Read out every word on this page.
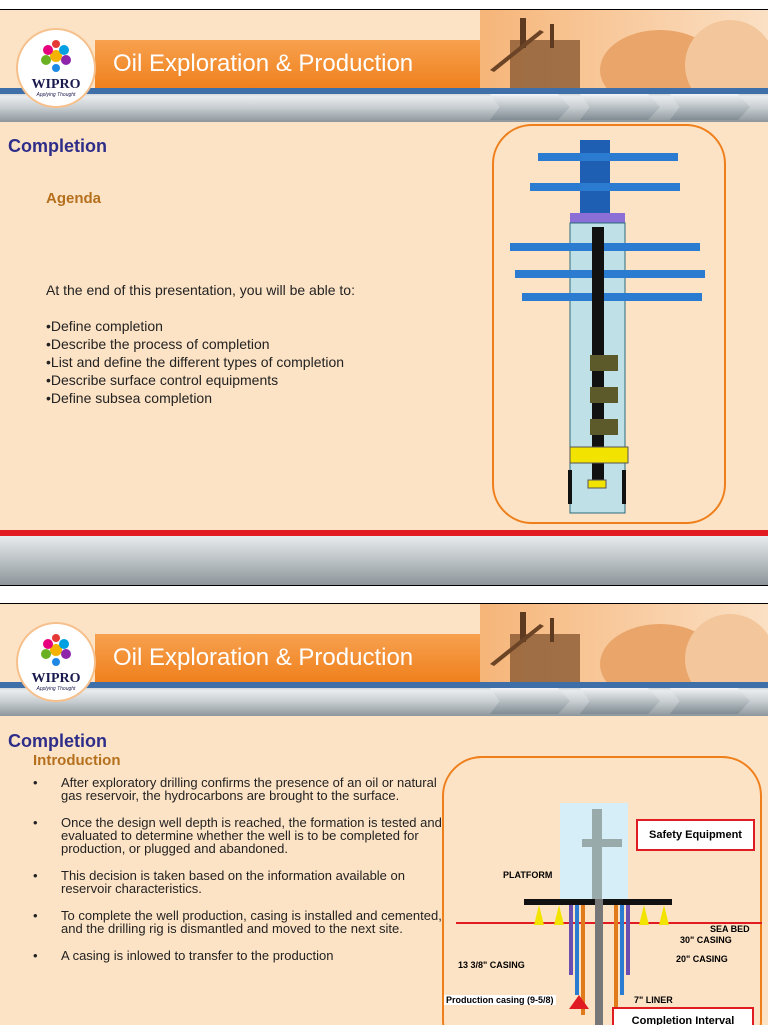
Oil Exploration & Production
WIPRO
Applying Thought
Completion
Agenda
At the end of this presentation, you will be able to:
•Define completion
•Describe the process of completion
•List and define the different types of completion
•Describe surface control equipments
•Define subsea completion
Oil Exploration & Production
WIPRO
Applying Thought
Completion
Introduction
• After exploratory drilling confirms the presence of an oil or natural gas reservoir, the hydrocarbons are brought to the surface.
• Once the design well depth is reached, the formation is tested and evaluated to determine whether the well is to be completed for production, or plugged and abandoned.
• This decision is taken based on the information available on reservoir characteristics.
• To complete the well production, casing is installed and cemented, and the drilling rig is dismantled and moved to the next site.
• A casing is inlowed to transfer to the production
Safety Equipment
PLATFORM
SEA BED
30" CASING
20" CASING
13 3/8" CASING
Production casing (9-5/8)	7" LINER
Completion Interval
